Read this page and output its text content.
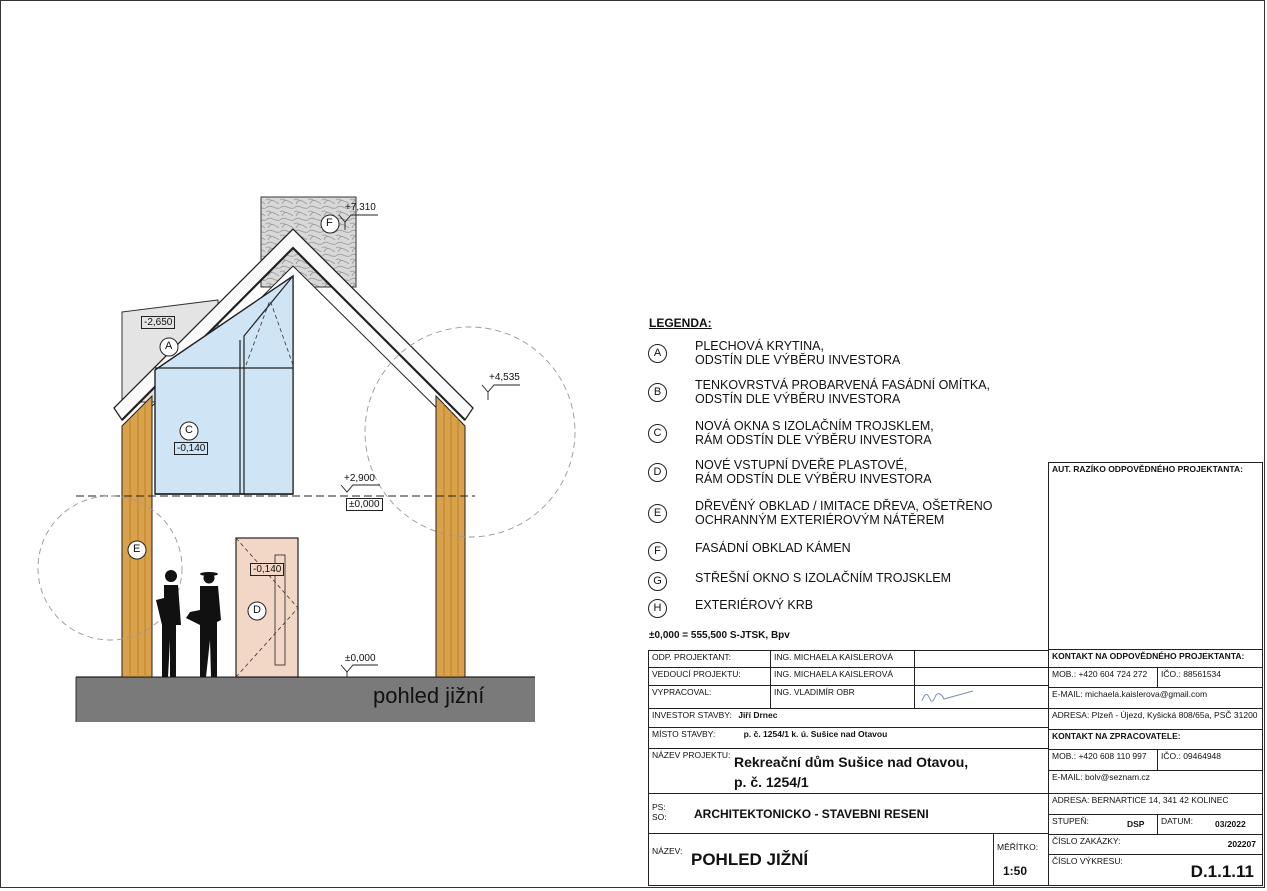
+7,310
+4,535
+2,900
±0,000
±0,000
-2,650
-0,140
-0,140
F
A
C
E
D
pohled jižní
LEGENDA:
A	PLECHOVÁ KRYTINA,
ODSTÍN DLE VÝBĚRU INVESTORA
B	TENKOVRSTVÁ PROBARVENÁ FASÁDNÍ OMÍTKA,
ODSTÍN DLE VÝBĚRU INVESTORA
C	NOVÁ OKNA S IZOLAČNÍM TROJSKLEM,
RÁM ODSTÍN DLE VÝBĚRU INVESTORA
D	NOVÉ VSTUPNÍ DVEŘE PLASTOVÉ,
RÁM ODSTÍN DLE VÝBĚRU INVESTORA
E	DŘEVĚNÝ OBKLAD / IMITACE DŘEVA, OŠETŘENO
OCHRANNÝM EXTERIÉROVÝM NÁTĚREM
F	FASÁDNÍ OBKLAD KÁMEN
G	STŘEŠNÍ OKNO S IZOLAČNÍM TROJSKLEM
H	EXTERIÉROVÝ KRB
±0,000 = 555,500 S-JTSK, Bpv
AUT. RAZÍKO ODPOVĚDNÉHO PROJEKTANTA:
ODP. PROJEKTANT:	ING. MICHAELA KAISLEROVÁ
VEDOUCÍ PROJEKTU:	ING. MICHAELA KAISLEROVÁ
VYPRACOVAL:	ING. VLADIMÍR OBR
INVESTOR STAVBY: Jiří Drnec
MÍSTO STAVBY:	p. č. 1254/1 k. ú. Sušice nad Otavou
NÁZEV PROJEKTU: Rekreační dům Sušice nad Otavou,
p. č. 1254/1
PS:
SO: ARCHITEKTONICKO - STAVEBNI RESENI
NÁZEV: POHLED JIŽNÍ
MĚŘÍTKO:
1:50
KONTAKT NA ODPOVĚDNÉHO PROJEKTANTA:
MOB.: +420 604 724 272	IČO.: 88561534
E-MAIL: michaela.kaislerova@gmail.com
ADRESA: Plzeň - Újezd, Kyšická 808/65a, PSČ 31200
KONTAKT NA ZPRACOVATELE:
MOB.: +420 608 110 997	IČO.: 09464948
E-MAIL: bolv@seznam.cz
ADRESA: BERNARTICE 14, 341 42 KOLINEC
STUPEŇ:	DSP	DATUM:	03/2022
ČÍSLO ZAKÁZKY:	202207
ČÍSLO VÝKRESU:
D.1.1.11
